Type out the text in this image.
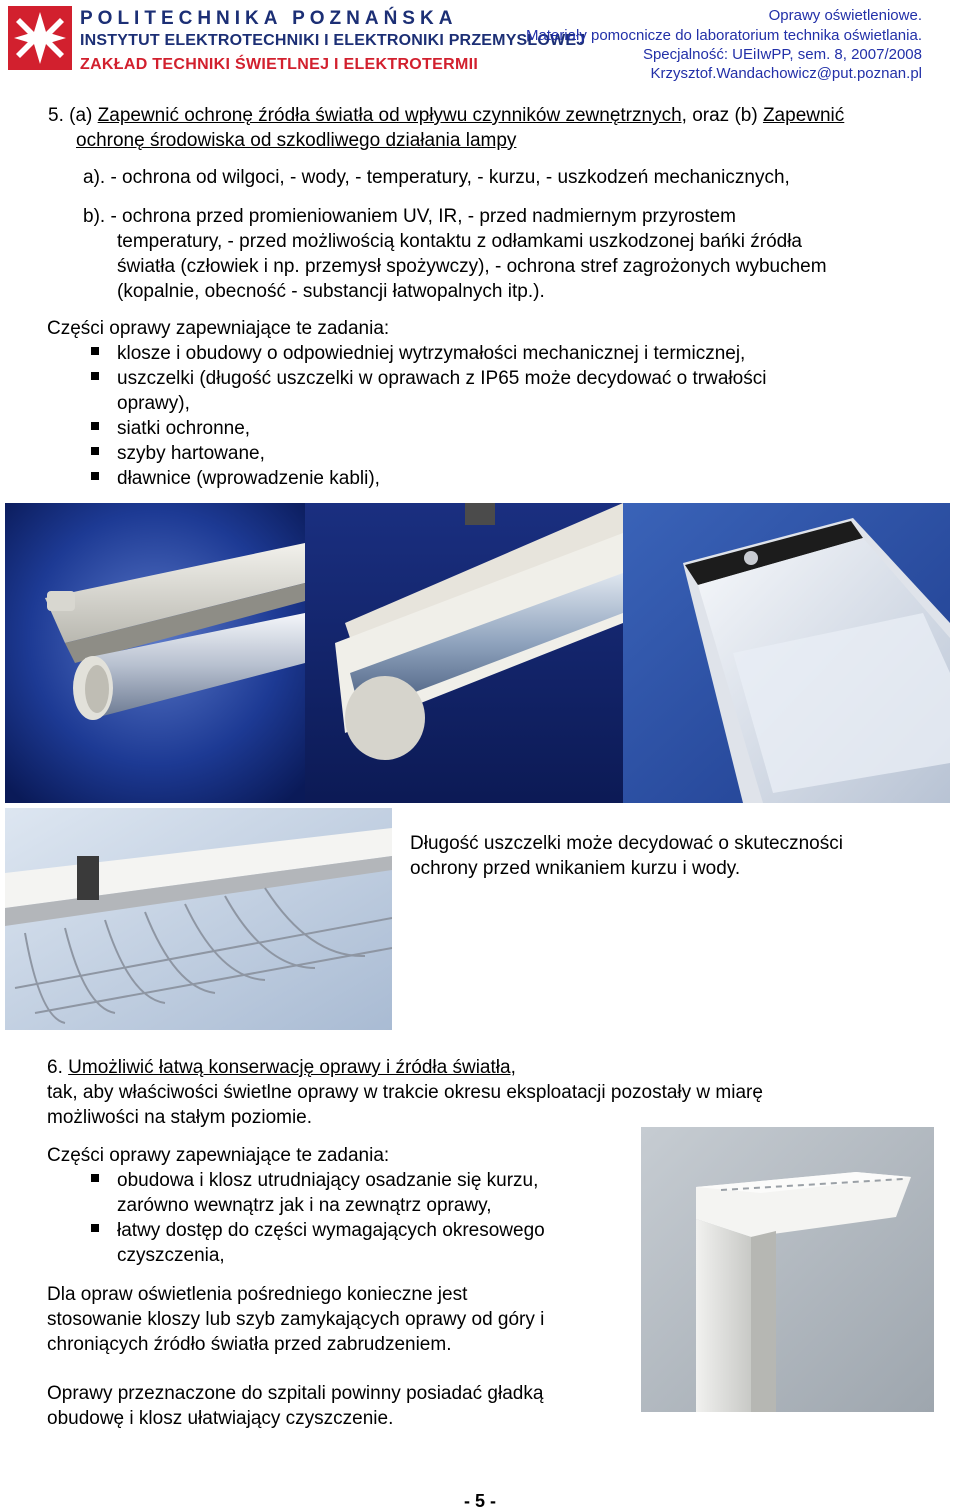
POLITECHNIKA POZNAŃSKA
INSTYTUT ELEKTROTECHNIKI I ELEKTRONIKI PRZEMYSŁOWEJ
ZAKŁAD TECHNIKI ŚWIETLNEJ I ELEKTROTERMII
Oprawy oświetleniowe.
Materiały pomocnicze do laboratorium technika oświetlania.
Specjalność: UEiIwPP, sem. 8, 2007/2008
Krzysztof.Wandachowicz@put.poznan.pl
5. (a) Zapewnić ochronę źródła światła od wpływu czynników zewnętrznych, oraz (b) Zapewnić
ochronę środowiska od szkodliwego działania lampy
a). - ochrona od wilgoci, - wody, - temperatury, - kurzu, - uszkodzeń mechanicznych,
b). - ochrona przed promieniowaniem UV, IR, - przed nadmiernym przyrostem
temperatury, - przed możliwością kontaktu z odłamkami uszkodzonej bańki źródła
światła (człowiek i np. przemysł spożywczy), - ochrona stref zagrożonych wybuchem
(kopalnie, obecność - substancji łatwopalnych itp.).
Części oprawy zapewniające te zadania:
klosze i obudowy o odpowiedniej wytrzymałości mechanicznej i termicznej,
uszczelki (długość uszczelki w oprawach z IP65 może decydować o trwałości
oprawy),
siatki ochronne,
szyby hartowane,
dławnice (wprowadzenie kabli),
Długość uszczelki może decydować o skuteczności
ochrony przed wnikaniem kurzu i wody.
6. Umożliwić łatwą konserwację oprawy i źródła światła,
tak, aby właściwości świetlne oprawy w trakcie okresu eksploatacji pozostały w miarę
możliwości na stałym poziomie.
Części oprawy zapewniające te zadania:
obudowa i klosz utrudniający osadzanie się kurzu,
zarówno wewnątrz jak i na zewnątrz oprawy,
łatwy dostęp do części wymagających okresowego
czyszczenia,
Dla opraw oświetlenia pośredniego konieczne jest
stosowanie kloszy lub szyb zamykających oprawy od góry i
chroniących źródło światła przed zabrudzeniem.
Oprawy przeznaczone do szpitali powinny posiadać gładką
obudowę i klosz ułatwiający czyszczenie.
- 5 -
